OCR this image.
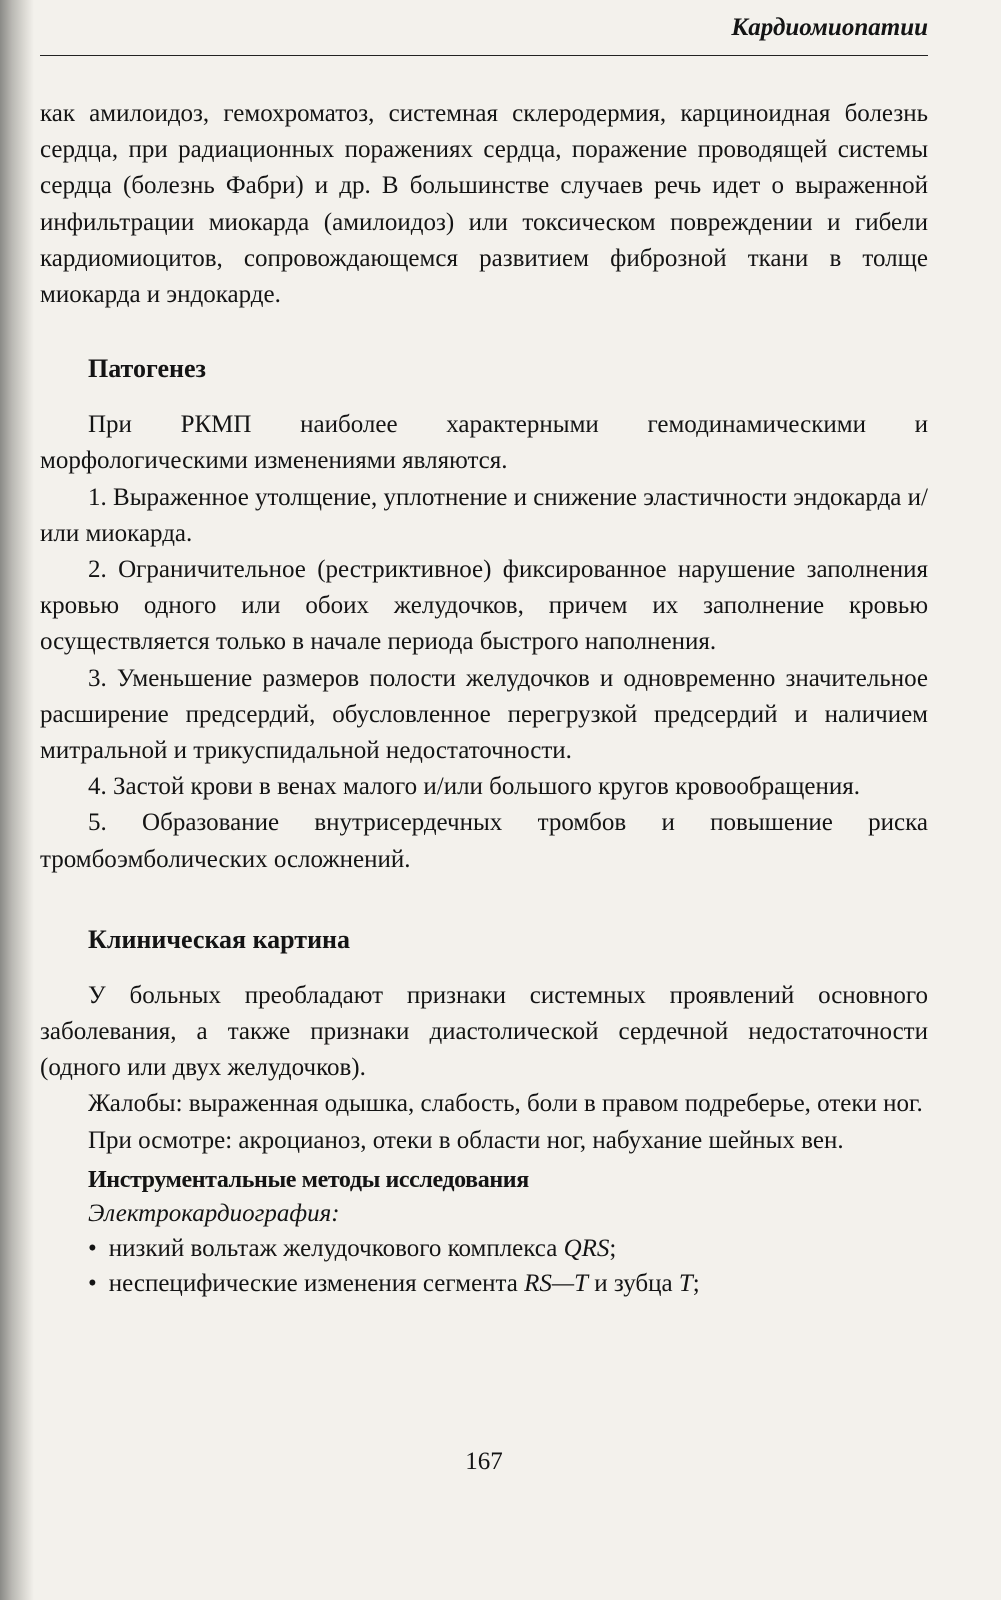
Кардиомиопатии

как амилоидоз, гемохроматоз, системная склеродермия, карциноидная болезнь сердца, при радиационных поражениях сердца, поражение проводящей системы сердца (болезнь Фабри) и др. В большинстве случаев речь идет о выраженной инфильтрации миокарда (амилоидоз) или токсическом повреждении и гибели кардиомиоцитов, сопровождающемся развитием фиброзной ткани в толще миокарда и эндокарде.

Патогенез

При РКМП наиболее характерными гемодинамическими и морфологическими изменениями являются.

1. Выраженное утолщение, уплотнение и снижение эластичности эндокарда и/или миокарда.

2. Ограничительное (рестриктивное) фиксированное нарушение заполнения кровью одного или обоих желудочков, причем их заполнение кровью осуществляется только в начале периода быстрого наполнения.

3. Уменьшение размеров полости желудочков и одновременно значительное расширение предсердий, обусловленное перегрузкой предсердий и наличием митральной и трикуспидальной недостаточности.

4. Застой крови в венах малого и/или большого кругов кровообращения.

5. Образование внутрисердечных тромбов и повышение риска тромбоэмболических осложнений.

Клиническая картина

У больных преобладают признаки системных проявлений основного заболевания, а также признаки диастолической сердечной недостаточности (одного или двух желудочков).

Жалобы: выраженная одышка, слабость, боли в правом подреберье, отеки ног.

При осмотре: акроцианоз, отеки в области ног, набухание шейных вен.

Инструментальные методы исследования
Электрокардиография:
• низкий вольтаж желудочкового комплекса QRS;
• неспецифические изменения сегмента RS—T и зубца T;
167
